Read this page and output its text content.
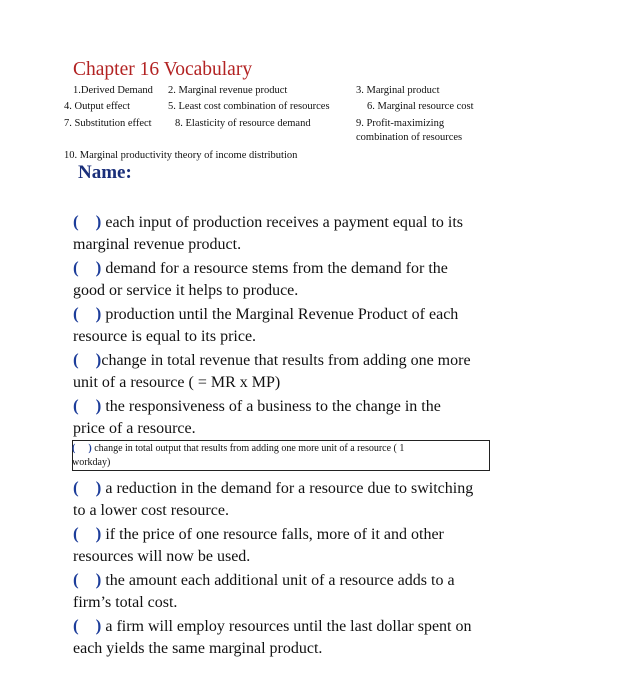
Chapter 16 Vocabulary
1.Derived Demand 2. Marginal revenue product	3. Marginal product
4. Output effect	5. Least cost combination of resources	6. Marginal resource cost
7. Substitution effect 8. Elasticity of resource demand	9. Profit-maximizing
combination of resources
10. Marginal productivity theory of income distribution
Name:
( ) each input of production receives a payment equal to its
marginal revenue product.
( ) demand for a resource stems from the demand for the
good or service it helps to produce.
( ) production until the Marginal Revenue Product of each
resource is equal to its price.
( )change in total revenue that results from adding one more
unit of a resource ( = MR x MP)
( ) the responsiveness of a business to the change in the
price of a resource.
( ) change in total output that results from adding one more unit of a resource ( 1
workday)
( ) a reduction in the demand for a resource due to switching
to a lower cost resource.
( ) if the price of one resource falls, more of it and other
resources will now be used.
( ) the amount each additional unit of a resource adds to a
firm’s total cost.
( ) a firm will employ resources until the last dollar spent on
each yields the same marginal product.
